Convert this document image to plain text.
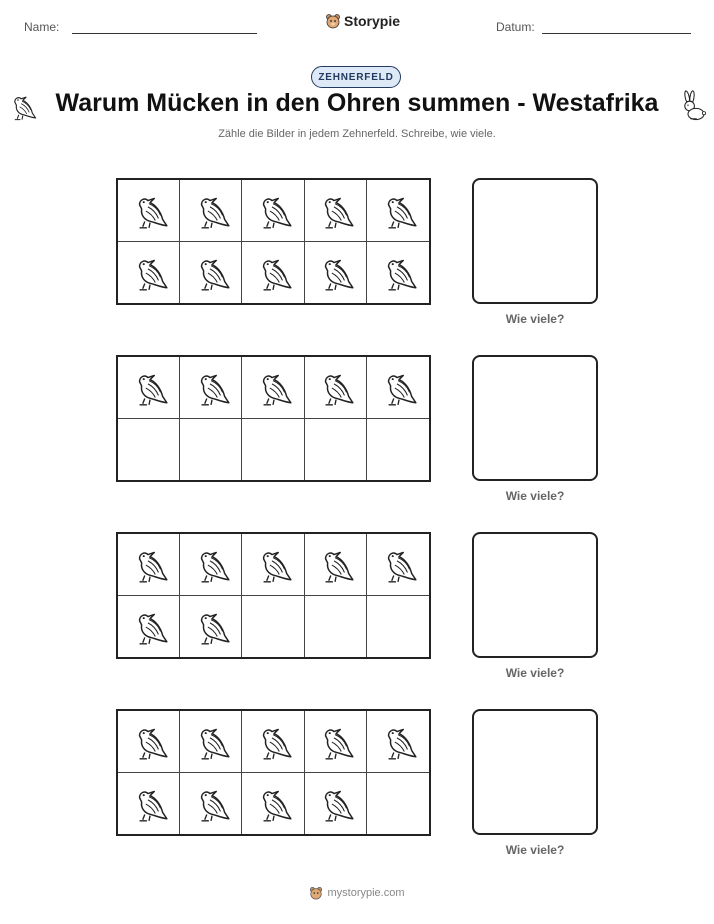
Name:	Storypie	Datum:
ZEHNERFELD
Warum Mücken in den Ohren summen - Westafrika
Zähle die Bilder in jedem Zehnerfeld. Schreibe, wie viele.
Wie viele?
Wie viele?
Wie viele?
Wie viele?
mystorypie.com
